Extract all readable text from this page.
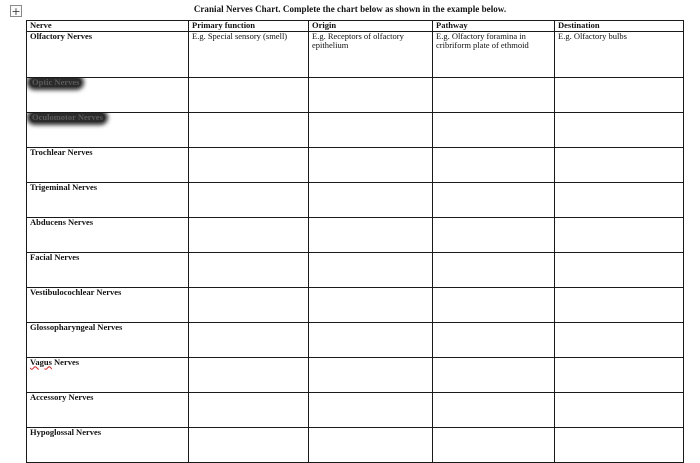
+	Cranial Nerves Chart. Complete the chart below as shown in the example below.
Nerve	Primary function	Origin	Pathway	Destination
Olfactory Nerves	E.g. Special sensory (smell)	E.g. Receptors of olfactory epithelium	E.g. Olfactory foramina in cribriform plate of ethmoid	E.g. Olfactory bulbs
Optic Nerves				
Oculomotor Nerves				
Trochlear Nerves				
Trigeminal Nerves				
Abducens Nerves				
Facial Nerves				
Vestibulocochlear Nerves				
Glossopharyngeal Nerves				
Vagus Nerves				
Accessory Nerves				
Hypoglossal Nerves				
